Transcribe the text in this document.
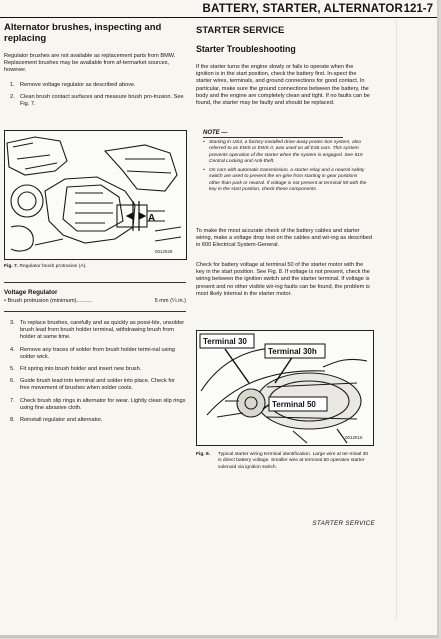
BATTERY, STARTER, ALTERNATOR 121-7
Alternator brushes, inspecting and replacing
Regulator brushes are not available as replacement parts from BMW. Replacement brushes may be available from af-termarket sources, however.
1. Remove voltage regulator as described above.
2. Clean brush contact surfaces and measure brush pro-trusion. See Fig. 7.
A
0012526
Fig. 7. Regulator brush protrusion (A).
Voltage Regulator
• Brush protrusion (minimum) ..........	5 mm (¼ in.)
3. To replace brushes, carefully and as quickly as possi-ble, unsolder brush lead from brush holder terminal, withdrawing brush from holder at same time.
4. Remove any traces of solder from brush holder termi-nal using solder wick.
5. Fit spring into brush holder and insert new brush.
6. Guide brush lead into terminal and solder into place. Check for free movement of brushes when solder cools.
7. Check brush slip rings in alternator for wear. Lightly clean slip rings using fine abrasive cloth.
8. Reinstall regulator and alternator.
STARTER SERVICE
Starter Troubleshooting
If the starter turns the engine slowly or fails to operate when the ignition is in the start position, check the battery first. In-spect the starter wires, terminals, and ground connections for good contact. In particular, make sure the ground connections between the battery, the body and the engine are completely clean and tight. If no faults can be found, the starter may be faulty and should be replaced.
NOTE —
• Starting in US4, a factory-installed drive-away protec-tion system, also referred to as EWS or EWS II, was used on all E36 cars. This system prevents operation of the starter when the system is engaged. See 515 Central Locking and Anti-theft.
• On cars with automatic transmission, a starter relay and a neutral safety switch are used to prevent the en-gine from starting in gear positions other than park or neutral. If voltage is not present at terminal 50 with the key in the start position, check these components.
To make the most accurate check of the battery cables and starter wiring, make a voltage drop test on the cables and wir-ing as described in 600 Electrical System-General.
Check for battery voltage at terminal 50 of the starter motor with the key in the start position. See Fig. 8. If voltage is not present, check the wiring between the ignition switch and the starter terminal. If voltage is present and no other visible wir-ing faults can be found, the problem is most likely internal in the starter motor.
Terminal 30
Terminal 30h
Terminal 50
0012516
Fig. 8.	Typical starter wiring terminal identification. Large wire at ter-minal 30 is direct battery voltage. Smaller wire at terminal 50 operates starter solenoid via ignition switch.
STARTER SERVICE
